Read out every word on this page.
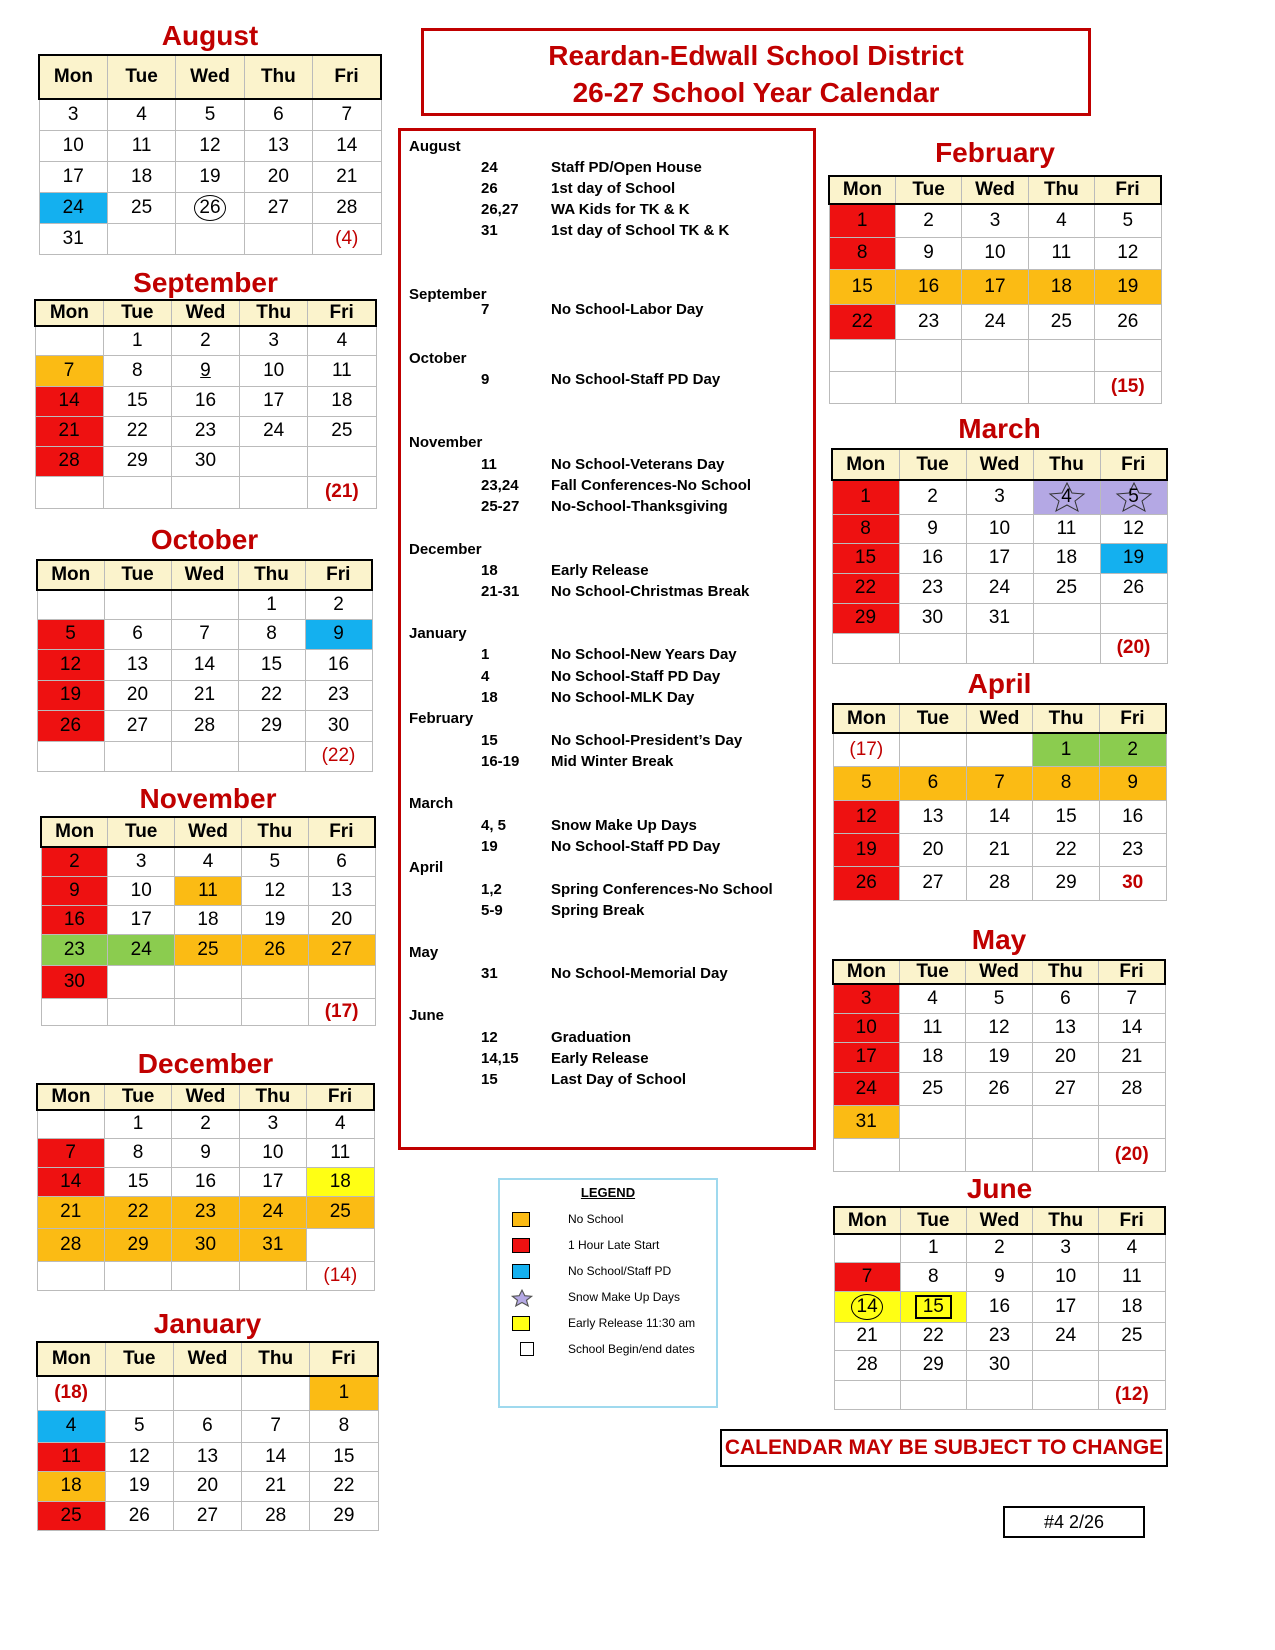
Reardan-Edwall School District
26-27 School Year Calendar
August
Mon	Tue	Wed	Thu	Fri
3	4	5	6	7
10	11	12	13	14
17	18	19	20	21
24	25	26	27	28
31				(4)
September
Mon	Tue	Wed	Thu	Fri
	1	2	3	4
7	8	9	10	11
14	15	16	17	18
21	22	23	24	25
28	29	30		
				(21)
October
Mon	Tue	Wed	Thu	Fri
			1	2
5	6	7	8	9
12	13	14	15	16
19	20	21	22	23
26	27	28	29	30
				(22)
November
Mon	Tue	Wed	Thu	Fri
2	3	4	5	6
9	10	11	12	13
16	17	18	19	20
23	24	25	26	27
30				
				(17)
December
Mon	Tue	Wed	Thu	Fri
	1	2	3	4
7	8	9	10	11
14	15	16	17	18
21	22	23	24	25
28	29	30	31	
				(14)
January
Mon	Tue	Wed	Thu	Fri
(18)				1
4	5	6	7	8
11	12	13	14	15
18	19	20	21	22
25	26	27	28	29
February
Mon	Tue	Wed	Thu	Fri
1	2	3	4	5
8	9	10	11	12
15	16	17	18	19
22	23	24	25	26

				(15)
March
Mon	Tue	Wed	Thu	Fri
1	2	3	4	5
8	9	10	11	12
15	16	17	18	19
22	23	24	25	26
29	30	31		
				(20)
April
Mon	Tue	Wed	Thu	Fri
(17)			1	2
5	6	7	8	9
12	13	14	15	16
19	20	21	22	23
26	27	28	29	30
May
Mon	Tue	Wed	Thu	Fri
3	4	5	6	7
10	11	12	13	14
17	18	19	20	21
24	25	26	27	28
31				
				(20)
June
Mon	Tue	Wed	Thu	Fri
	1	2	3	4
7	8	9	10	11
14	15	16	17	18
21	22	23	24	25
28	29	30		
				(12)
August
24	Staff PD/Open House
26	1st day of School
26,27 WA Kids for TK & K
31	1st day of School TK & K
September
7	No School-Labor Day
October
9	No School-Staff PD Day
November
11	No School-Veterans Day
23,24 Fall Conferences-No School
25-27 No-School-Thanksgiving
December
18	Early Release
21-31 No School-Christmas Break
January
1	No School-New Years Day
4	No School-Staff PD Day
18	No School-MLK Day
February
15	No School-President’s Day
16-19 Mid Winter Break
March
4, 5	Snow Make Up Days
19	No School-Staff PD Day
April
1,2	Spring Conferences-No School
5-9	Spring Break
May
31	No School-Memorial Day
June
12	Graduation
14,15 Early Release
15	Last Day of School
LEGEND
No School
1 Hour Late Start
No School/Staff PD
Snow Make Up Days
Early Release 11:30 am
School Begin/end dates
CALENDAR MAY BE SUBJECT TO CHANGE
#4 2/26
